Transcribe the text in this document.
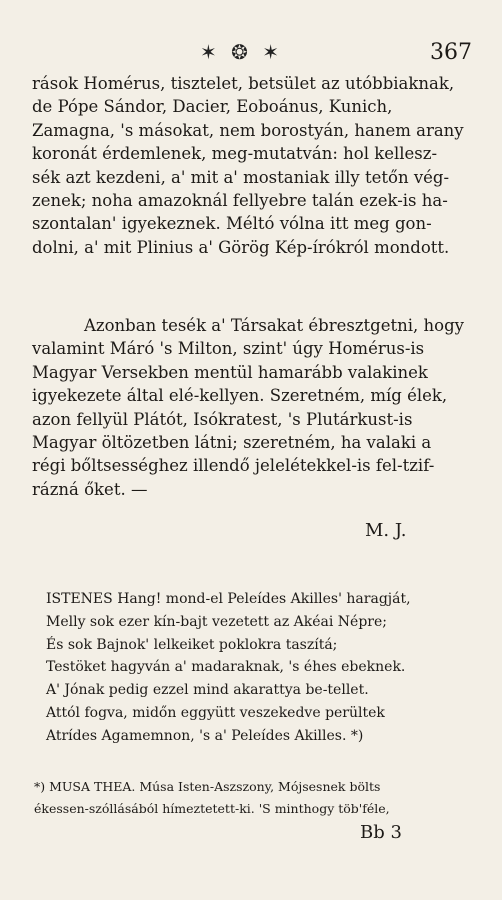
✶ ❂ ✶	367
rások Homérus, tisztelet, betsület az utóbbiaknak,
de Pópe Sándor, Dacier, Eoboánus, Kunich,
Zamagna, 's másokat, nem borostyán, hanem arany
koronát érdemlenek, meg-mutatván: hol kellesz-
sék azt kezdeni, a' mit a' mostaniak illy tetőn vég-
zenek; noha amazoknál fellyebre talán ezek-is ha-
szontalan' igyekeznek. Méltó vólna itt meg gon-
dolni, a' mit Plinius a' Görög Kép-írókról mondott.
Azonban tesék a' Társakat ébresztgetni, hogy
valamint Máró 's Milton, szint' úgy Homérus-is
Magyar Versekben mentül hamarább valakinek
igyekezete által elé-kellyen. Szeretném, míg élek,
azon fellyül Plátót, Isókratest, 's Plutárkust-is
Magyar öltözetben látni; szeretném, ha valaki a
régi bőltsességhez illendő jelelétekkel-is fel-tzif-
rázná őket. —
M. J.
ISTENES Hang! mond-el Peleídes Akilles' haragját,
Melly sok ezer kín-bajt vezetett az Akéai Népre;
És sok Bajnok' lelkeiket poklokra taszítá;
Testöket hagyván a' madaraknak, 's éhes ebeknek.
A' Jónak pedig ezzel mind akarattya be-tellet.
Attól fogva, midőn eggyütt veszekedve perültek
Atrídes Agamemnon, 's a' Peleídes Akilles. *)
*) MUSA THEA. Músa Isten-Aszszony, Mójsesnek bölts
ékessen-szóllásából hímeztetett-ki. 'S minthogy töb'féle,
Bb 3
